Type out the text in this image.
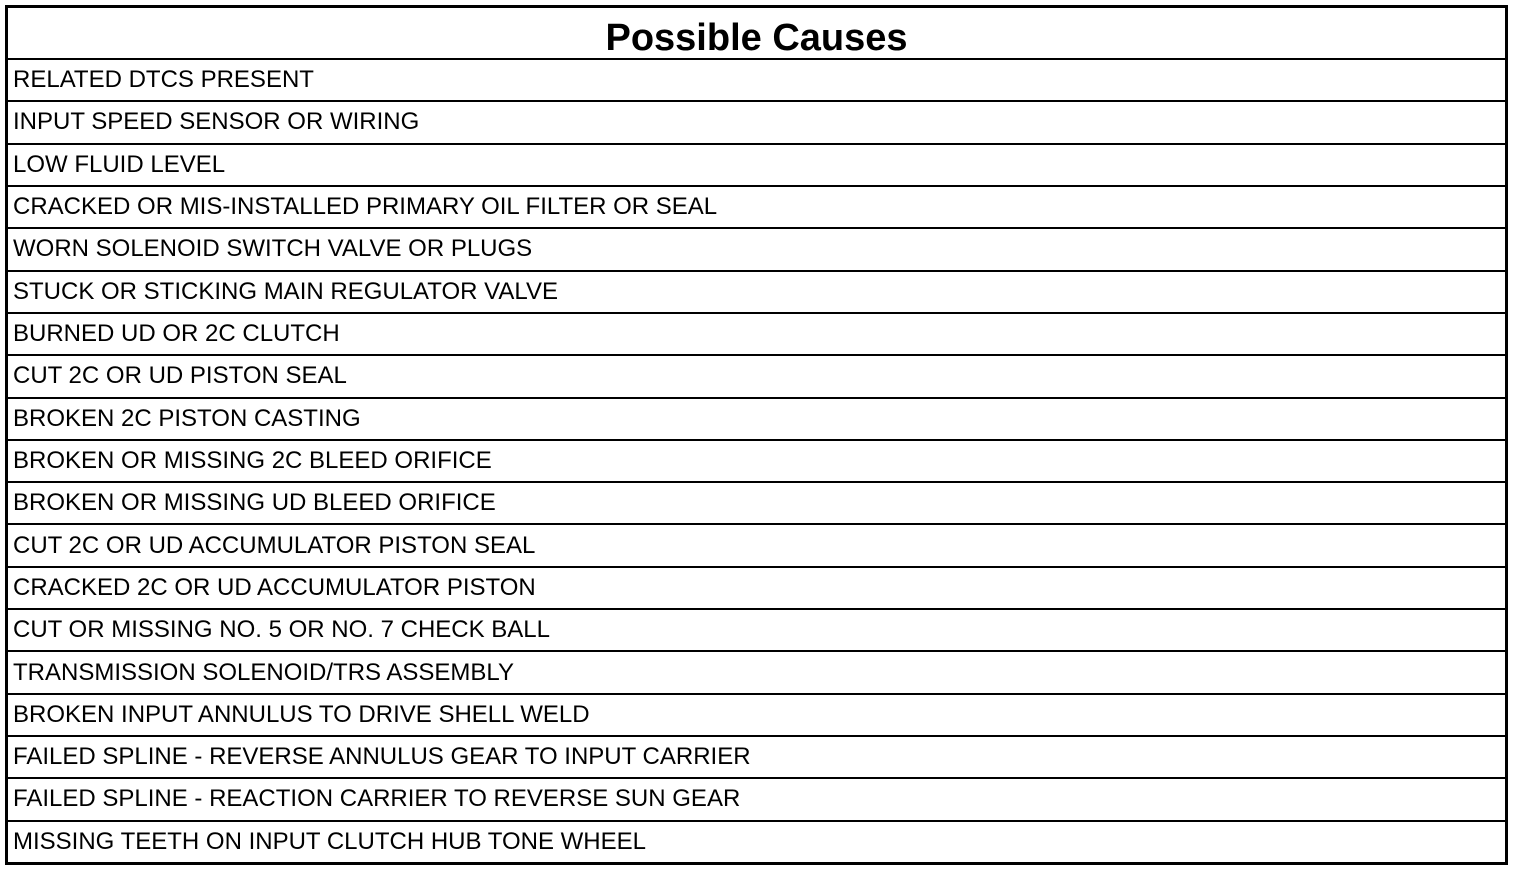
Possible Causes
RELATED DTCS PRESENT
INPUT SPEED SENSOR OR WIRING
LOW FLUID LEVEL
CRACKED OR MIS-INSTALLED PRIMARY OIL FILTER OR SEAL
WORN SOLENOID SWITCH VALVE OR PLUGS
STUCK OR STICKING MAIN REGULATOR VALVE
BURNED UD OR 2C CLUTCH
CUT 2C OR UD PISTON SEAL
BROKEN 2C PISTON CASTING
BROKEN OR MISSING 2C BLEED ORIFICE
BROKEN OR MISSING UD BLEED ORIFICE
CUT 2C OR UD ACCUMULATOR PISTON SEAL
CRACKED 2C OR UD ACCUMULATOR PISTON
CUT OR MISSING NO. 5 OR NO. 7 CHECK BALL
TRANSMISSION SOLENOID/TRS ASSEMBLY
BROKEN INPUT ANNULUS TO DRIVE SHELL WELD
FAILED SPLINE - REVERSE ANNULUS GEAR TO INPUT CARRIER
FAILED SPLINE - REACTION CARRIER TO REVERSE SUN GEAR
MISSING TEETH ON INPUT CLUTCH HUB TONE WHEEL
